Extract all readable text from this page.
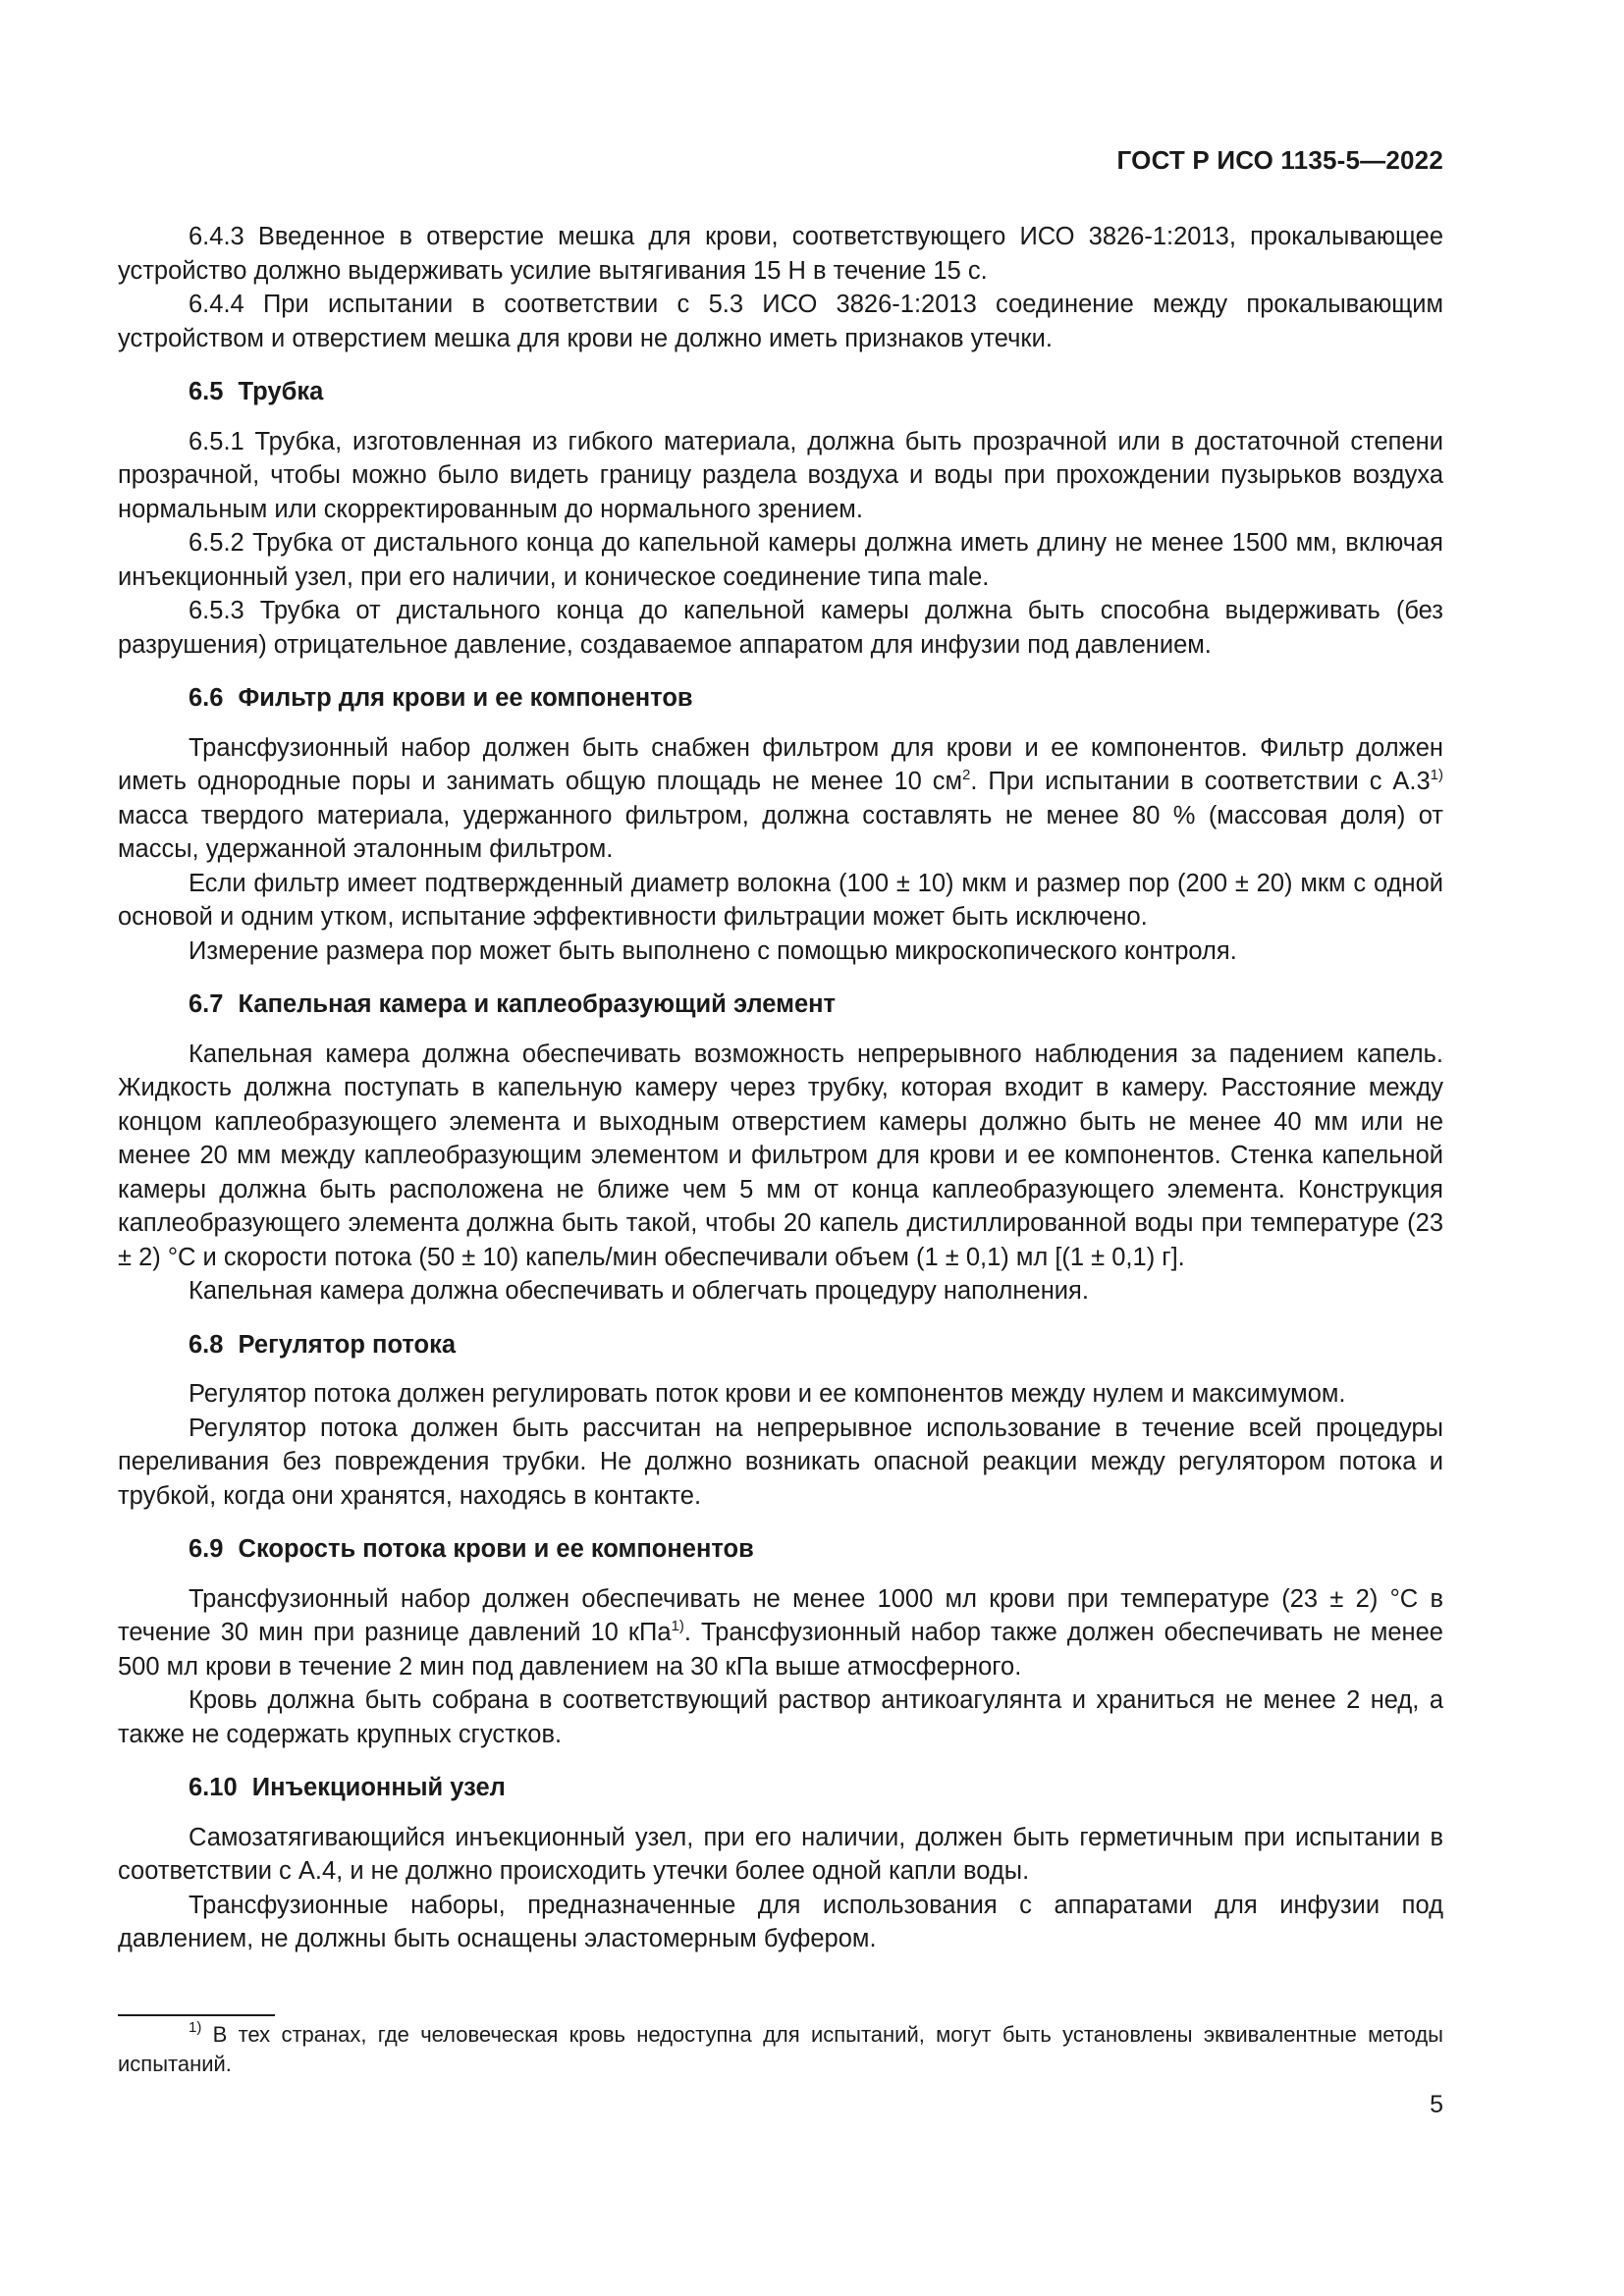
ГОСТ Р ИСО 1135-5—2022

6.4.3 Введенное в отверстие мешка для крови, соответствующего ИСО 3826-1:2013, прокалывающее устройство должно выдерживать усилие вытягивания 15 Н в течение 15 с.

6.4.4 При испытании в соответствии с 5.3 ИСО 3826-1:2013 соединение между прокалывающим устройством и отверстием мешка для крови не должно иметь признаков утечки.

6.5 Трубка

6.5.1 Трубка, изготовленная из гибкого материала, должна быть прозрачной или в достаточной степени прозрачной, чтобы можно было видеть границу раздела воздуха и воды при прохождении пузырьков воздуха нормальным или скорректированным до нормального зрением.

6.5.2 Трубка от дистального конца до капельной камеры должна иметь длину не менее 1500 мм, включая инъекционный узел, при его наличии, и коническое соединение типа male.

6.5.3 Трубка от дистального конца до капельной камеры должна быть способна выдерживать (без разрушения) отрицательное давление, создаваемое аппаратом для инфузии под давлением.

6.6 Фильтр для крови и ее компонентов

Трансфузионный набор должен быть снабжен фильтром для крови и ее компонентов. Фильтр должен иметь однородные поры и занимать общую площадь не менее 10 $см^2$. При испытании в соответствии с А.3$^{1)}$ масса твердого материала, удержанного фильтром, должна составлять не менее 80 % (массовая доля) от массы, удержанной эталонным фильтром.

Если фильтр имеет подтвержденный диаметр волокна (100 ± 10) мкм и размер пор (200 ± 20) мкм с одной основой и одним утком, испытание эффективности фильтрации может быть исключено.

Измерение размера пор может быть выполнено с помощью микроскопического контроля.

6.7 Капельная камера и каплеобразующий элемент

Капельная камера должна обеспечивать возможность непрерывного наблюдения за падением капель. Жидкость должна поступать в капельную камеру через трубку, которая входит в камеру. Расстояние между концом каплеобразующего элемента и выходным отверстием камеры должно быть не менее 40 мм или не менее 20 мм между каплеобразующим элементом и фильтром для крови и ее компонентов. Стенка капельной камеры должна быть расположена не ближе чем 5 мм от конца каплеобразующего элемента. Конструкция каплеобразующего элемента должна быть такой, чтобы 20 капель дистиллированной воды при температуре (23 ± 2) °C и скорости потока (50 ± 10) капель/мин обеспечивали объем (1 ± 0,1) мл [(1 ± 0,1) г].

Капельная камера должна обеспечивать и облегчать процедуру наполнения.

6.8 Регулятор потока

Регулятор потока должен регулировать поток крови и ее компонентов между нулем и максимумом.

Регулятор потока должен быть рассчитан на непрерывное использование в течение всей процедуры переливания без повреждения трубки. Не должно возникать опасной реакции между регулятором потока и трубкой, когда они хранятся, находясь в контакте.

6.9 Скорость потока крови и ее компонентов

Трансфузионный набор должен обеспечивать не менее 1000 мл крови при температуре (23 ± 2) °С в течение 30 мин при разнице давлений 10 кПа$^{1)}$. Трансфузионный набор также должен обеспечивать не менее 500 мл крови в течение 2 мин под давлением на 30 кПа выше атмосферного.

Кровь должна быть собрана в соответствующий раствор антикоагулянта и храниться не менее 2 нед, а также не содержать крупных сгустков.

6.10 Инъекционный узел

Самозатягивающийся инъекционный узел, при его наличии, должен быть герметичным при испытании в соответствии с А.4, и не должно происходить утечки более одной капли воды.

Трансфузионные наборы, предназначенные для использования с аппаратами для инфузии под давлением, не должны быть оснащены эластомерным буфером.

$^{1)}$ В тех странах, где человеческая кровь недоступна для испытаний, могут быть установлены эквивалентные методы испытаний.

5
